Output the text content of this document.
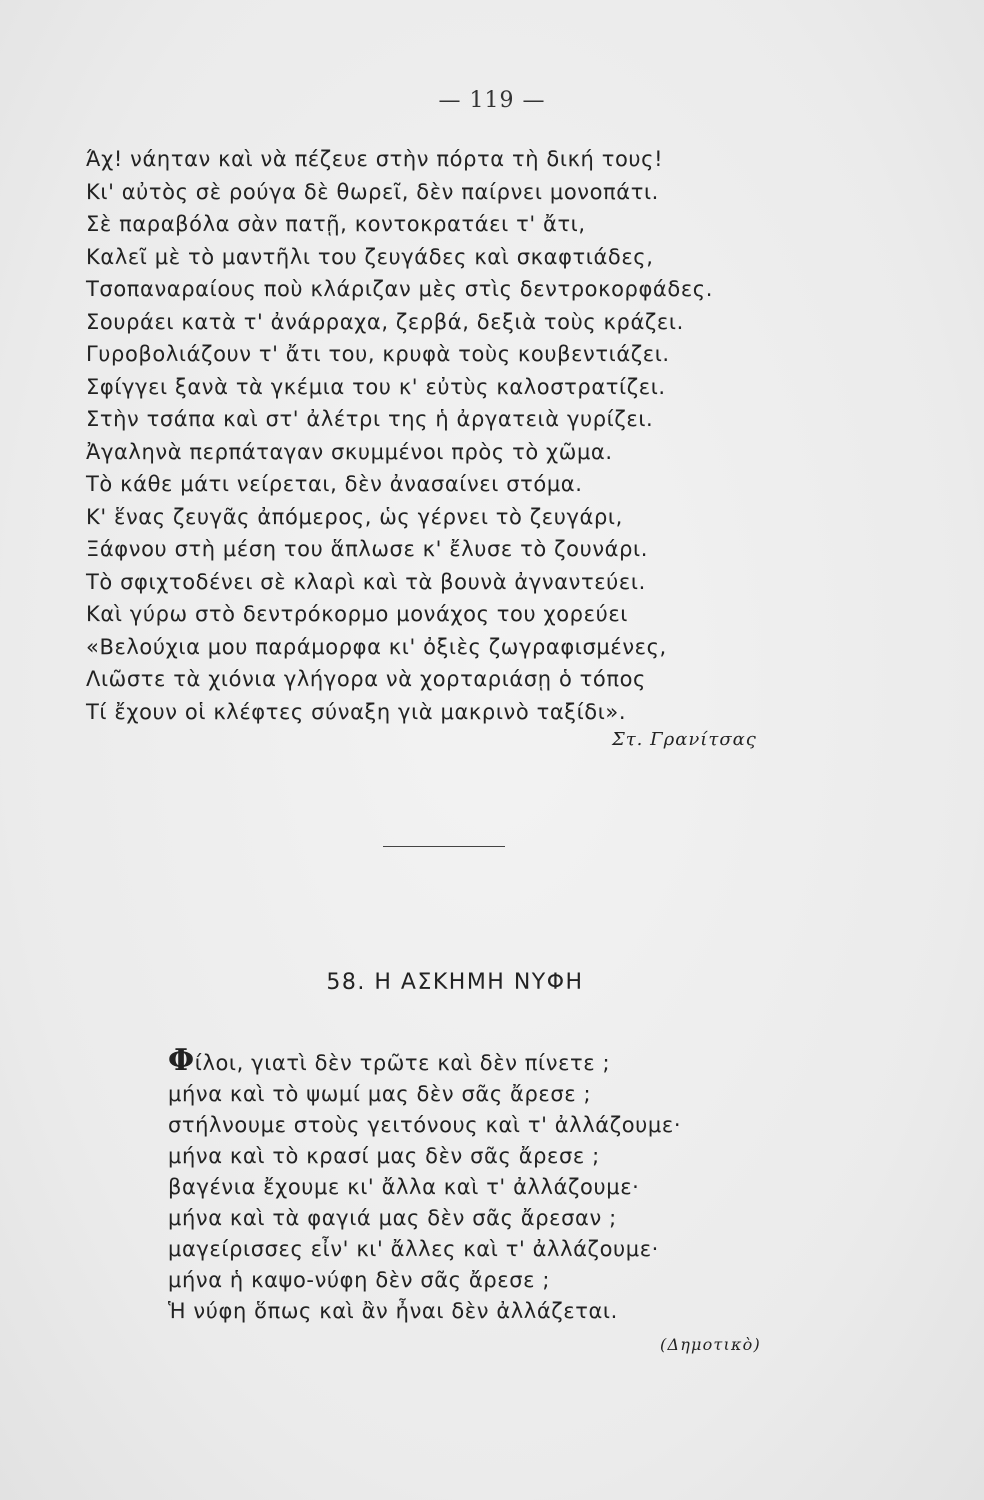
— 119 —
Άχ! νάηταν καὶ νὰ πέζευε στὴν πόρτα τὴ δική τους!
Κι' αὐτὸς σὲ ρούγα δὲ θωρεῖ, δὲν παίρνει μονοπάτι.
Σὲ παραβόλα σὰν πατῇ, κοντοκρατάει τ' ἄτι,
Καλεῖ μὲ τὸ μαντῆλι του ζευγάδες καὶ σκαφτιάδες,
Τσοπαναραίους ποὺ κλάριζαν μὲς στὶς δεντροκορφάδες.
Σουράει κατὰ τ' ἀνάρραχα, ζερβά, δεξιὰ τοὺς κράζει.
Γυροβολιάζουν τ' ἄτι του, κρυφὰ τοὺς κουβεντιάζει.
Σφίγγει ξανὰ τὰ γκέμια του κ' εὐτὺς καλοστρατίζει.
Στὴν τσάπα καὶ στ' ἀλέτρι της ἡ ἀργατειὰ γυρίζει.
Ἀγαληνὰ περπάταγαν σκυμμένοι πρὸς τὸ χῶμα.
Τὸ κάθε μάτι νείρεται, δὲν ἀνασαίνει στόμα.
Κ' ἕνας ζευγᾶς ἀπόμερος, ὡς γέρνει τὸ ζευγάρι,
Ξάφνου στὴ μέση του ἅπλωσε κ' ἔλυσε τὸ ζουνάρι.
Τὸ σφιχτοδένει σὲ κλαρὶ καὶ τὰ βουνὰ ἀγναντεύει.
Καὶ γύρω στὸ δεντρόκορμο μονάχος του χορεύει
«Βελούχια μου παράμορφα κι' ὀξιὲς ζωγραφισμένες,
Λιῶστε τὰ χιόνια γλήγορα νὰ χορταριάσῃ ὁ τόπος
Τί ἔχουν οἱ κλέφτες σύναξη γιὰ μακρινὸ ταξίδι».
Στ. Γρανίτσας
58. Η ΑΣΚΗΜΗ ΝΥΦΗ
Φίλοι, γιατὶ δὲν τρῶτε καὶ δὲν πίνετε ;
μήνα καὶ τὸ ψωμί μας δὲν σᾶς ἄρεσε ;
στήλνουμε στοὺς γειτόνους καὶ τ' ἀλλάζουμε·
μήνα καὶ τὸ κρασί μας δὲν σᾶς ἄρεσε ;
βαγένια ἔχουμε κι' ἄλλα καὶ τ' ἀλλάζουμε·
μήνα καὶ τὰ φαγιά μας δὲν σᾶς ἄρεσαν ;
μαγείρισσες εἶν' κι' ἄλλες καὶ τ' ἀλλάζουμε·
μήνα ἡ καψο-νύφη δὲν σᾶς ἄρεσε ;
Ἡ νύφη ὅπως καὶ ἂν ἦναι δὲν ἀλλάζεται.
(Δημοτικὸ)
